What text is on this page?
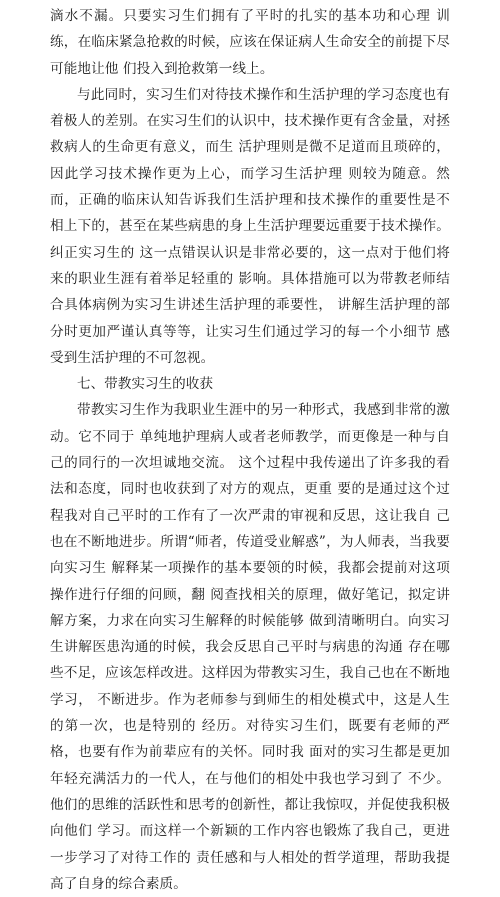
滴水不漏。只要实习生们拥有了平时的扎实的基本功和心理 训练，在临床紧急抢救的时候，应该在保证病人生命安全的前提下尽可能地让他 们投入到抢救第一线上。

与此同时，实习生们对待技术操作和生活护理的学习态度也有着极人的差别。在实习生们的认识中，技术操作更有含金量，对拯救病人的生命更有意义，而生 活护理则是微不足道而且琐碎的，因此学习技术操作更为上心，而学习生活护理 则较为随意。然而，正确的临床认知告诉我们生活护理和技术操作的重要性是不 相上下的，甚至在某些病患的身上生活护理要远重要于技术操作。纠正实习生的 这一点错误认识是非常必要的，这一点对于他们将来的职业生涯有着举足轻重的 影响。具体措施可以为带教老师结合具体病例为实习生讲述生活护理的乖要性， 讲解生活护理的部分时更加严谨认真等等，让实习生们通过学习的每一个小细节 感受到生活护理的不可忽视。

七、带教实习生的收获

带教实习生作为我职业生涯中的另一种形式，我感到非常的激动。它不同于 单纯地护理病人或者老师教学，而更像是一种与自己的同行的一次坦诚地交流。 这个过程中我传递出了许多我的看法和态度，同时也收获到了对方的观点，更重 要的是通过这个过程我对自己平时的工作有了一次严肃的审视和反思，这让我自 己也在不断地进步。所谓“师者，传道受业解惑”，为人师表，当我要向实习生 解释某一项操作的基本要领的时候，我都会提前对这项操作进行仔细的问顾，翻 阅查找相关的原理，做好笔记，拟定讲解方案，力求在向实习生解释的时候能够 做到清晰明白。向实习生讲解医患沟通的时候，我会反思自己平时与病患的沟通 存在哪些不足，应该怎样改进。这样因为带教实习生，我自己也在不断地学习， 不断进步。作为老师参与到师生的相处模式中，这是人生的第一次，也是特别的 经历。对待实习生们，既要有老师的严格，也要有作为前辈应有的关怀。同时我 面对的实习生都是更加年轻充满活力的一代人，在与他们的相处中我也学习到了 不少。他们的思维的活跃性和思考的创新性，都让我惊叹，并促使我积极向他们 学习。而这样一个新颖的工作内容也锻炼了我自己，更进一步学习了对待工作的 责任感和与人相处的哲学道理，帮助我提高了自身的综合素质。
